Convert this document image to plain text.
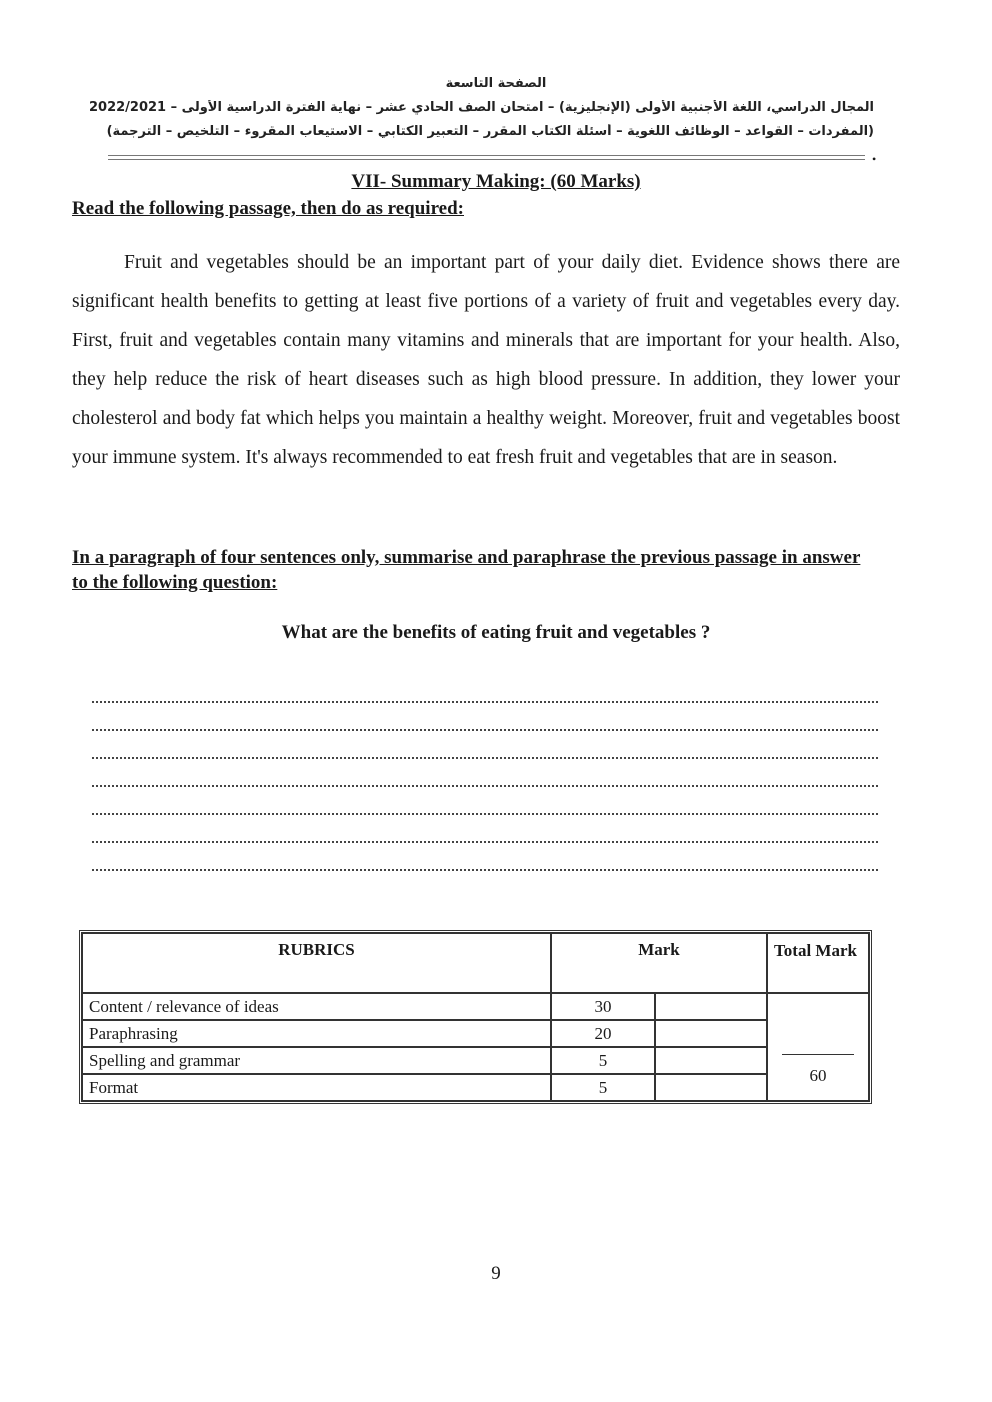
الصفحة التاسعة
المجال الدراسي، اللغة الأجنبية الأولى (الإنجليزية) – امتحان الصف الحادي عشر – نهاية الفترة الدراسية الأولى – 2022/2021
(المفردات – القواعد – الوظائف اللغوية – أسئلة الكتاب المقرر – التعبير الكتابي – الاستيعاب المقروء – التلخيص – الترجمة)
•
VII- Summary Making: (60 Marks)
Read the following passage, then do as required:

Fruit and vegetables should be an important part of your daily diet. Evidence shows there are significant health benefits to getting at least five portions of a variety of fruit and vegetables every day. First, fruit and vegetables contain many vitamins and minerals that are important for your health. Also, they help reduce the risk of heart diseases such as high blood pressure. In addition, they lower your cholesterol and body fat which helps you maintain a healthy weight. Moreover, fruit and vegetables boost your immune system. It's always recommended to eat fresh fruit and vegetables that are in season.

In a paragraph of four sentences only, summarise and paraphrase the previous passage in answer to the following question:
What are the benefits of eating fruit and vegetables ?
RUBRICS	Mark		Total Mark
Content / relevance of ideas	30		60

Paraphrasing	20		
Spelling and grammar	5		
Format	5		
9
